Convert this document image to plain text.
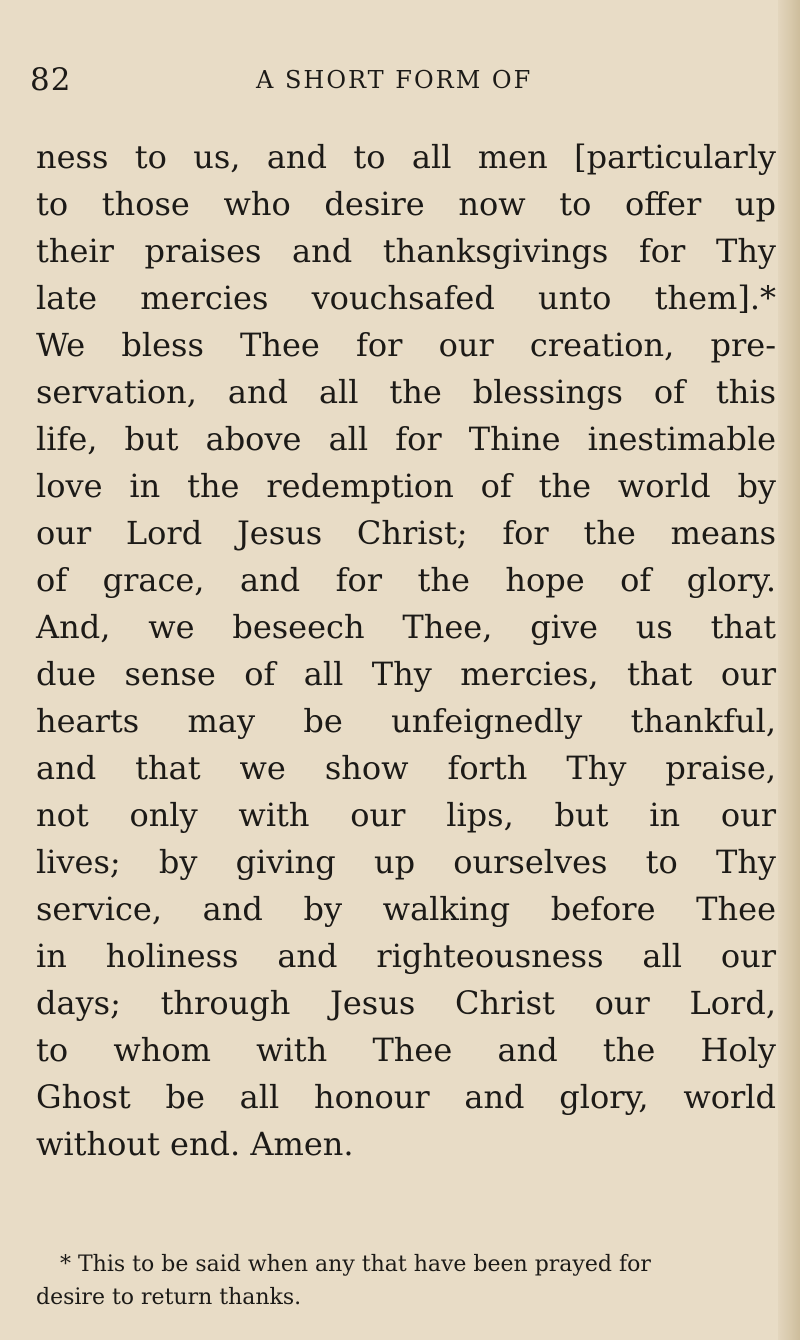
82	A SHORT FORM OF
ness to us, and to all men [particularly
to those who desire now to offer up
their praises and thanksgivings for Thy
late mercies vouchsafed unto them].*
We bless Thee for our creation, pre-
servation, and all the blessings of this
life, but above all for Thine inestimable
love in the redemption of the world by
our Lord Jesus Christ; for the means
of grace, and for the hope of glory.
And, we beseech Thee, give us that
due sense of all Thy mercies, that our
hearts may be unfeignedly thankful,
and that we show forth Thy praise,
not only with our lips, but in our
lives; by giving up ourselves to Thy
service, and by walking before Thee
in holiness and righteousness all our
days; through Jesus Christ our Lord,
to whom with Thee and the Holy
Ghost be all honour and glory, world
without end. Amen.
* This to be said when any that have been prayed for
desire to return thanks.
